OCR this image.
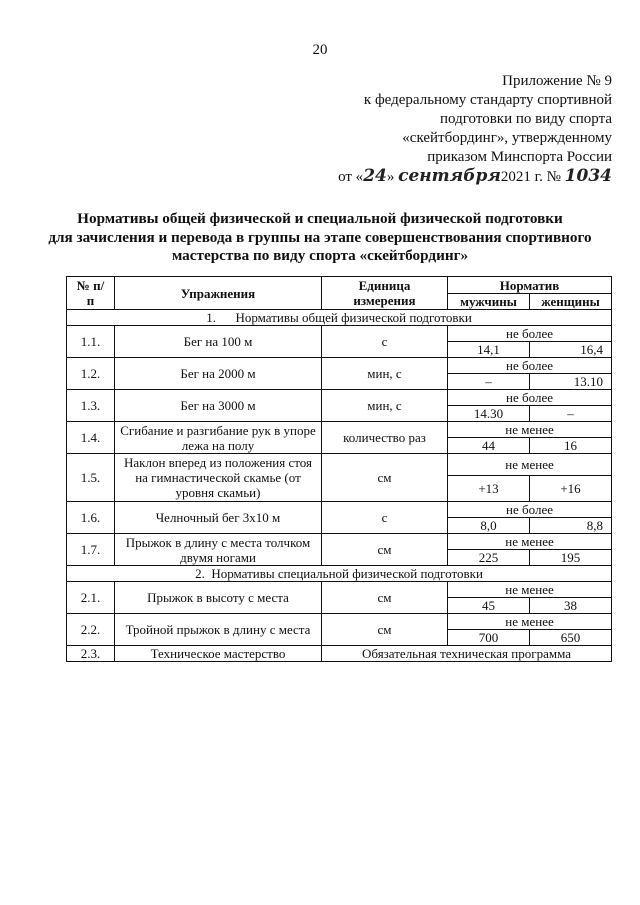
20
Приложение № 9
к федеральному стандарту спортивной
подготовки по виду спорта
«скейтбординг», утвержденному
приказом Минспорта России
от «24» сентября2021 г. № 1034
Нормативы общей физической и специальной физической подготовки
для зачисления и перевода в группы на этапе совершенствования спортивного
мастерства по виду спорта «скейтбординг»
№ п/п	Упражнения	Единица измерения	Норматив	
			мужчины	женщины
1.      Нормативы общей физической подготовки				
1.1.	Бег на 100 м	с	не более	
			14,1	16,4
1.2.	Бег на 2000 м	мин, с	не более	
			–	13.10
1.3.	Бег на 3000 м	мин, с	не более	
			14.30	–
1.4.	Сгибание и разгибание рук в упоре лежа на полу	количество раз	не менее	
			44	16
1.5.	Наклон вперед из положения стоя на гимнастической скамье (от уровня скамьи)	см	не менее	
			+13	+16
1.6.	Челночный бег 3х10 м	с	не более	
			8,0	8,8
1.7.	Прыжок в длину с места толчком двумя ногами	см	не менее	
			225	195
2.  Нормативы специальной физической подготовки				
2.1.	Прыжок в высоту с места	см	не менее	
			45	38
2.2.	Тройной прыжок в длину с места	см	не менее	
			700	650
2.3.	Техническое мастерство	Обязательная техническая программа		
